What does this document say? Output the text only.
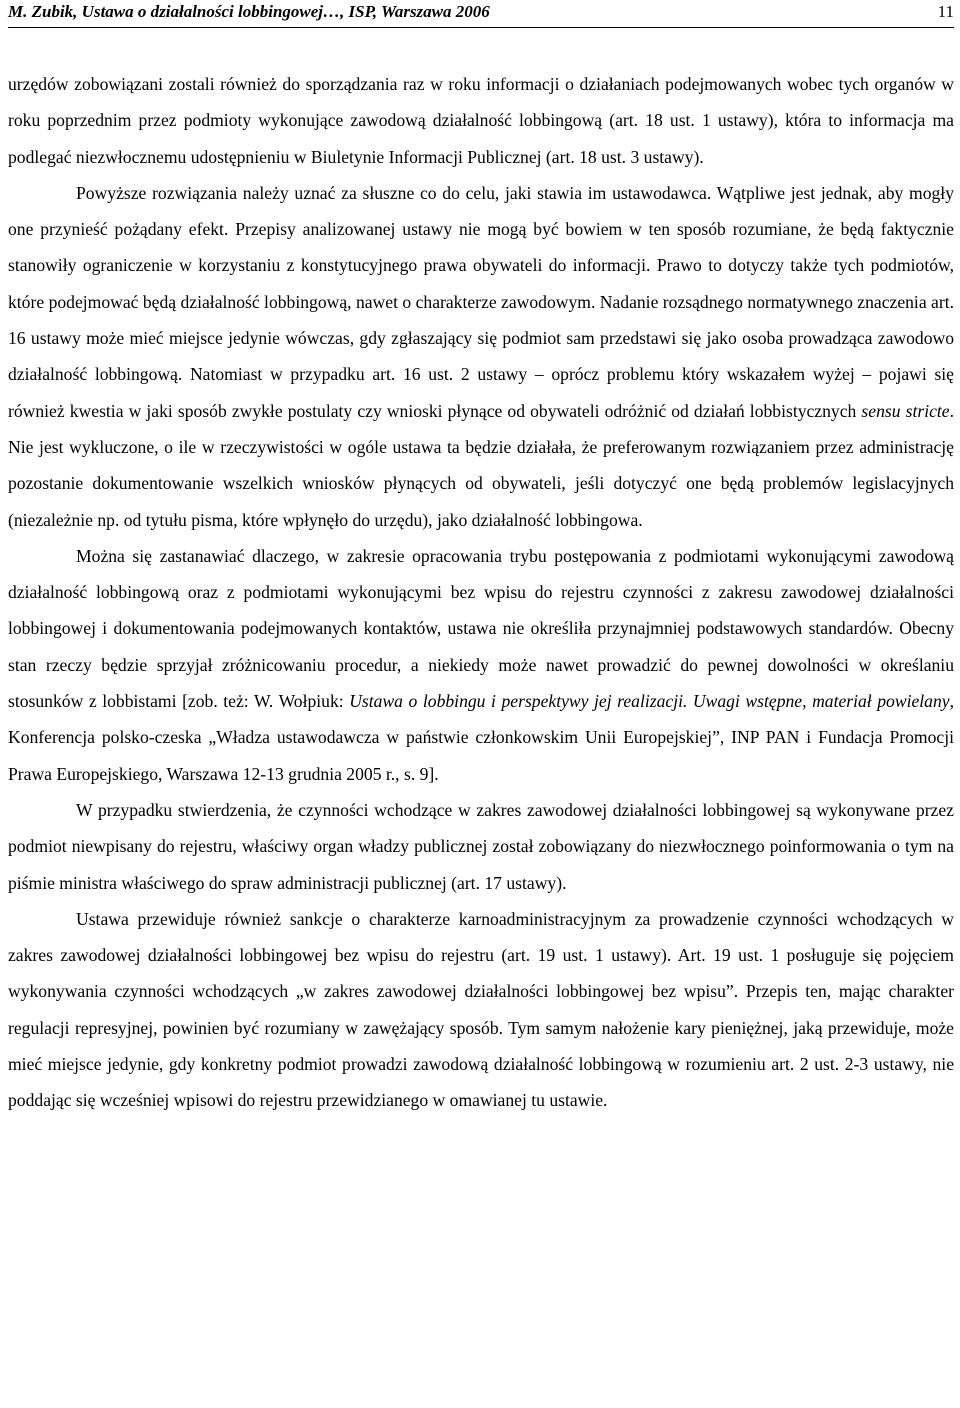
M. Zubik, Ustawa o działalności lobbingowej…, ISP, Warszawa 2006	11

urzędów zobowiązani zostali również do sporządzania raz w roku informacji o działaniach podejmowanych wobec tych organów w roku poprzednim przez podmioty wykonujące zawodową działalność lobbingową (art. 18 ust. 1 ustawy), która to informacja ma podlegać niezwłocznemu udostępnieniu w Biuletynie Informacji Publicznej (art. 18 ust. 3 ustawy).

Powyższe rozwiązania należy uznać za słuszne co do celu, jaki stawia im ustawodawca. Wątpliwe jest jednak, aby mogły one przynieść pożądany efekt. Przepisy analizowanej ustawy nie mogą być bowiem w ten sposób rozumiane, że będą faktycznie stanowiły ograniczenie w korzystaniu z konstytucyjnego prawa obywateli do informacji. Prawo to dotyczy także tych podmiotów, które podejmować będą działalność lobbingową, nawet o charakterze zawodowym. Nadanie rozsądnego normatywnego znaczenia art. 16 ustawy może mieć miejsce jedynie wówczas, gdy zgłaszający się podmiot sam przedstawi się jako osoba prowadząca zawodowo działalność lobbingową. Natomiast w przypadku art. 16 ust. 2 ustawy – oprócz problemu który wskazałem wyżej – pojawi się również kwestia w jaki sposób zwykłe postulaty czy wnioski płynące od obywateli odróżnić od działań lobbistycznych sensu stricte. Nie jest wykluczone, o ile w rzeczywistości w ogóle ustawa ta będzie działała, że preferowanym rozwiązaniem przez administrację pozostanie dokumentowanie wszelkich wniosków płynących od obywateli, jeśli dotyczyć one będą problemów legislacyjnych (niezależnie np. od tytułu pisma, które wpłynęło do urzędu), jako działalność lobbingowa.

Można się zastanawiać dlaczego, w zakresie opracowania trybu postępowania z podmiotami wykonującymi zawodową działalność lobbingową oraz z podmiotami wykonującymi bez wpisu do rejestru czynności z zakresu zawodowej działalności lobbingowej i dokumentowania podejmowanych kontaktów, ustawa nie określiła przynajmniej podstawowych standardów. Obecny stan rzeczy będzie sprzyjał zróżnicowaniu procedur, a niekiedy może nawet prowadzić do pewnej dowolności w określaniu stosunków z lobbistami [zob. też: W. Wołpiuk: Ustawa o lobbingu i perspektywy jej realizacji. Uwagi wstępne, materiał powielany, Konferencja polsko-czeska „Władza ustawodawcza w państwie członkowskim Unii Europejskiej”, INP PAN i Fundacja Promocji Prawa Europejskiego, Warszawa 12-13 grudnia 2005 r., s. 9].

W przypadku stwierdzenia, że czynności wchodzące w zakres zawodowej działalności lobbingowej są wykonywane przez podmiot niewpisany do rejestru, właściwy organ władzy publicznej został zobowiązany do niezwłocznego poinformowania o tym na piśmie ministra właściwego do spraw administracji publicznej (art. 17 ustawy).

Ustawa przewiduje również sankcje o charakterze karnoadministracyjnym za prowadzenie czynności wchodzących w zakres zawodowej działalności lobbingowej bez wpisu do rejestru (art. 19 ust. 1 ustawy). Art. 19 ust. 1 posługuje się pojęciem wykonywania czynności wchodzących „w zakres zawodowej działalności lobbingowej bez wpisu”. Przepis ten, mając charakter regulacji represyjnej, powinien być rozumiany w zawężający sposób. Tym samym nałożenie kary pieniężnej, jaką przewiduje, może mieć miejsce jedynie, gdy konkretny podmiot prowadzi zawodową działalność lobbingową w rozumieniu art. 2 ust. 2-3 ustawy, nie poddając się wcześniej wpisowi do rejestru przewidzianego w omawianej tu ustawie.
